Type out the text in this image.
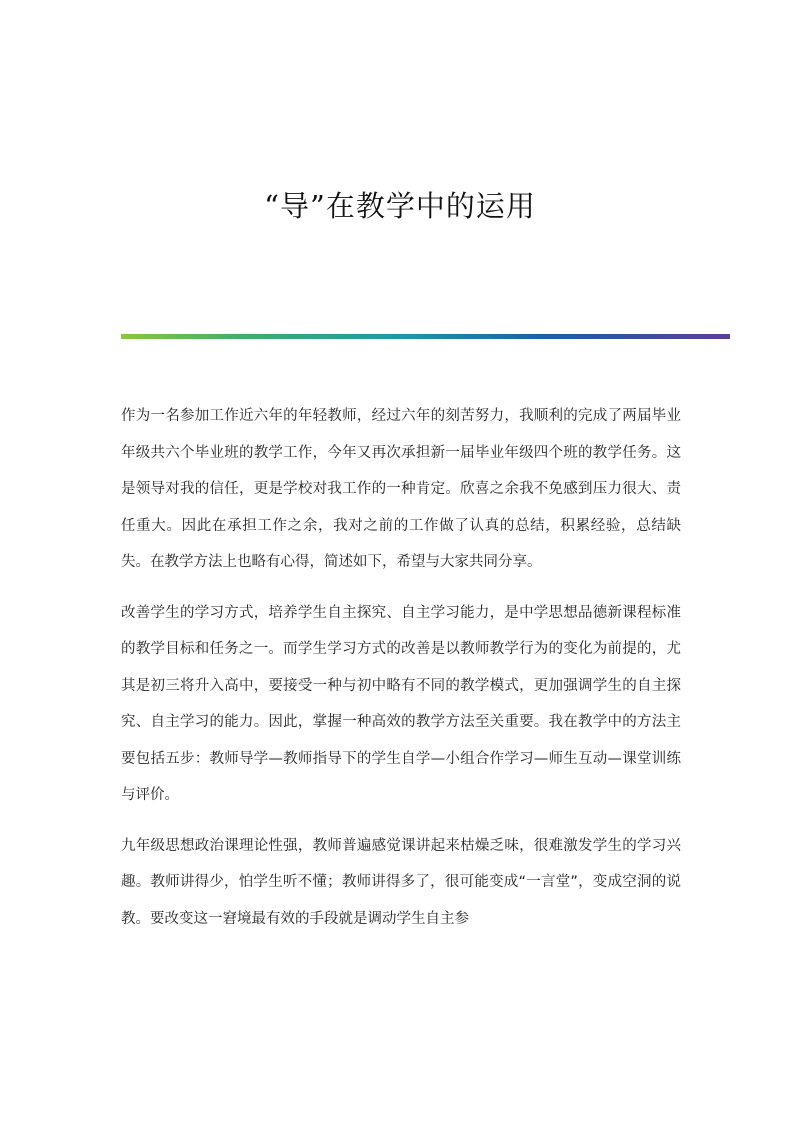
“导”在教学中的运用

作为一名参加工作近六年的年轻教师，经过六年的刻苦努力，我顺利的完成了两届毕业年级共六个毕业班的教学工作，今年又再次承担新一届毕业年级四个班的教学任务。这是领导对我的信任，更是学校对我工作的一种肯定。欣喜之余我不免感到压力很大、责任重大。因此在承担工作之余，我对之前的工作做了认真的总结，积累经验，总结缺失。在教学方法上也略有心得，简述如下，希望与大家共同分享。

改善学生的学习方式，培养学生自主探究、自主学习能力，是中学思想品德新课程标准的教学目标和任务之一。而学生学习方式的改善是以教师教学行为的变化为前提的，尤其是初三将升入高中，要接受一种与初中略有不同的教学模式，更加强调学生的自主探究、自主学习的能力。因此，掌握一种高效的教学方法至关重要。我在教学中的方法主要包括五步：教师导学—教师指导下的学生自学—小组合作学习—师生互动—课堂训练与评价。

九年级思想政治课理论性强，教师普遍感觉课讲起来枯燥乏味，很难激发学生的学习兴趣。教师讲得少，怕学生听不懂；教师讲得多了，很可能变成“一言堂”，变成空洞的说教。要改变这一窘境最有效的手段就是调动学生自主参
